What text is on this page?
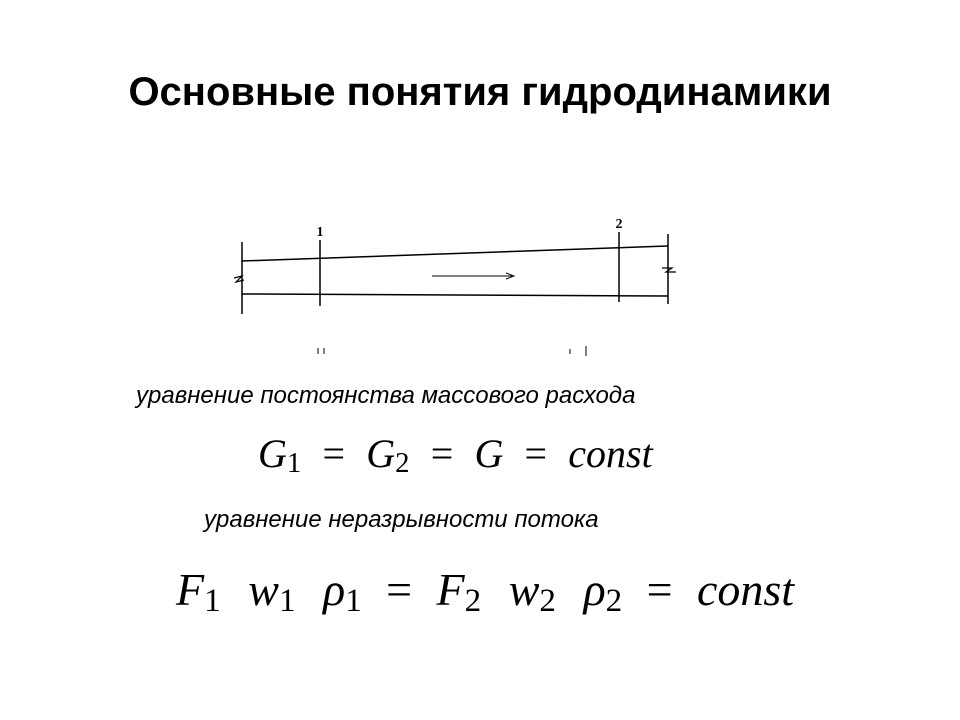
Основные понятия гидродинамики
1
2
уравнение постоянства массового расхода
$G_1 = G_2 = G$ = const
уравнение неразрывности потока
$F_1$ $w_1$ $\rho_1 = F_2$ $w_2$ $\rho_2$ = const
